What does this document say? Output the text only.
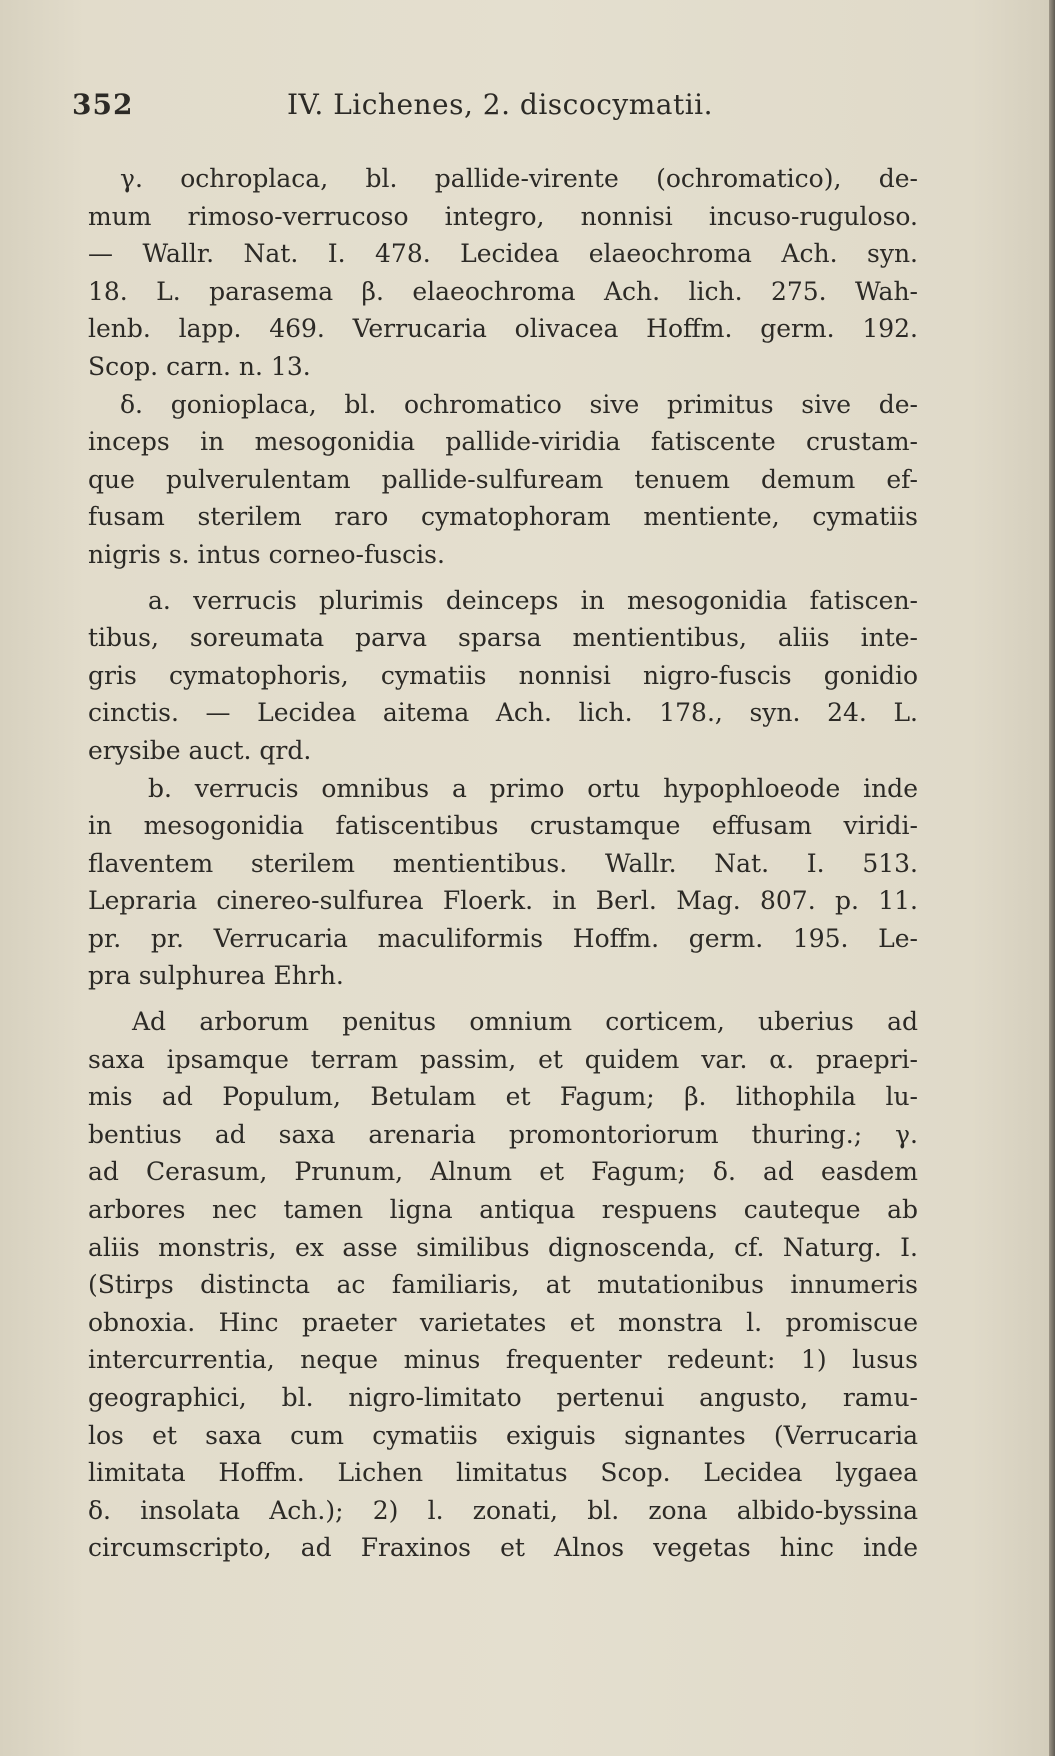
352	IV. Lichenes, 2. discocymatii.
γ. ochroplaca, bl. pallide-virente (ochromatico), de-
mum rimoso-verrucoso integro, nonnisi incuso-ruguloso.
— Wallr. Nat. I. 478. Lecidea elaeochroma Ach. syn.
18. L. parasema β. elaeochroma Ach. lich. 275. Wah-
lenb. lapp. 469. Verrucaria olivacea Hoffm. germ. 192.
Scop. carn. n. 13.
δ. gonioplaca, bl. ochromatico sive primitus sive de-
inceps in mesogonidia pallide-viridia fatiscente crustam-
que pulverulentam pallide-sulfuream tenuem demum ef-
fusam sterilem raro cymatophoram mentiente, cymatiis
nigris s. intus corneo-fuscis.
a. verrucis plurimis deinceps in mesogonidia fatiscen-
tibus, soreumata parva sparsa mentientibus, aliis inte-
gris cymatophoris, cymatiis nonnisi nigro-fuscis gonidio
cinctis. — Lecidea aitema Ach. lich. 178., syn. 24. L.
erysibe auct. qrd.
b. verrucis omnibus a primo ortu hypophloeode inde
in mesogonidia fatiscentibus crustamque effusam viridi-
flaventem sterilem mentientibus. Wallr. Nat. I. 513.
Lepraria cinereo-sulfurea Floerk. in Berl. Mag. 807. p. 11.
pr. pr. Verrucaria maculiformis Hoffm. germ. 195. Le-
pra sulphurea Ehrh.
Ad arborum penitus omnium corticem, uberius ad
saxa ipsamque terram passim, et quidem var. α. praepri-
mis ad Populum, Betulam et Fagum; β. lithophila lu-
bentius ad saxa arenaria promontoriorum thuring.; γ.
ad Cerasum, Prunum, Alnum et Fagum; δ. ad easdem
arbores nec tamen ligna antiqua respuens cauteque ab
aliis monstris, ex asse similibus dignoscenda, cf. Naturg. I.
(Stirps distincta ac familiaris, at mutationibus innumeris
obnoxia. Hinc praeter varietates et monstra l. promiscue
intercurrentia, neque minus frequenter redeunt: 1) lusus
geographici, bl. nigro-limitato pertenui angusto, ramu-
los et saxa cum cymatiis exiguis signantes (Verrucaria
limitata Hoffm. Lichen limitatus Scop. Lecidea lygaea
δ. insolata Ach.); 2) l. zonati, bl. zona albido-byssina
circumscripto, ad Fraxinos et Alnos vegetas hinc inde
